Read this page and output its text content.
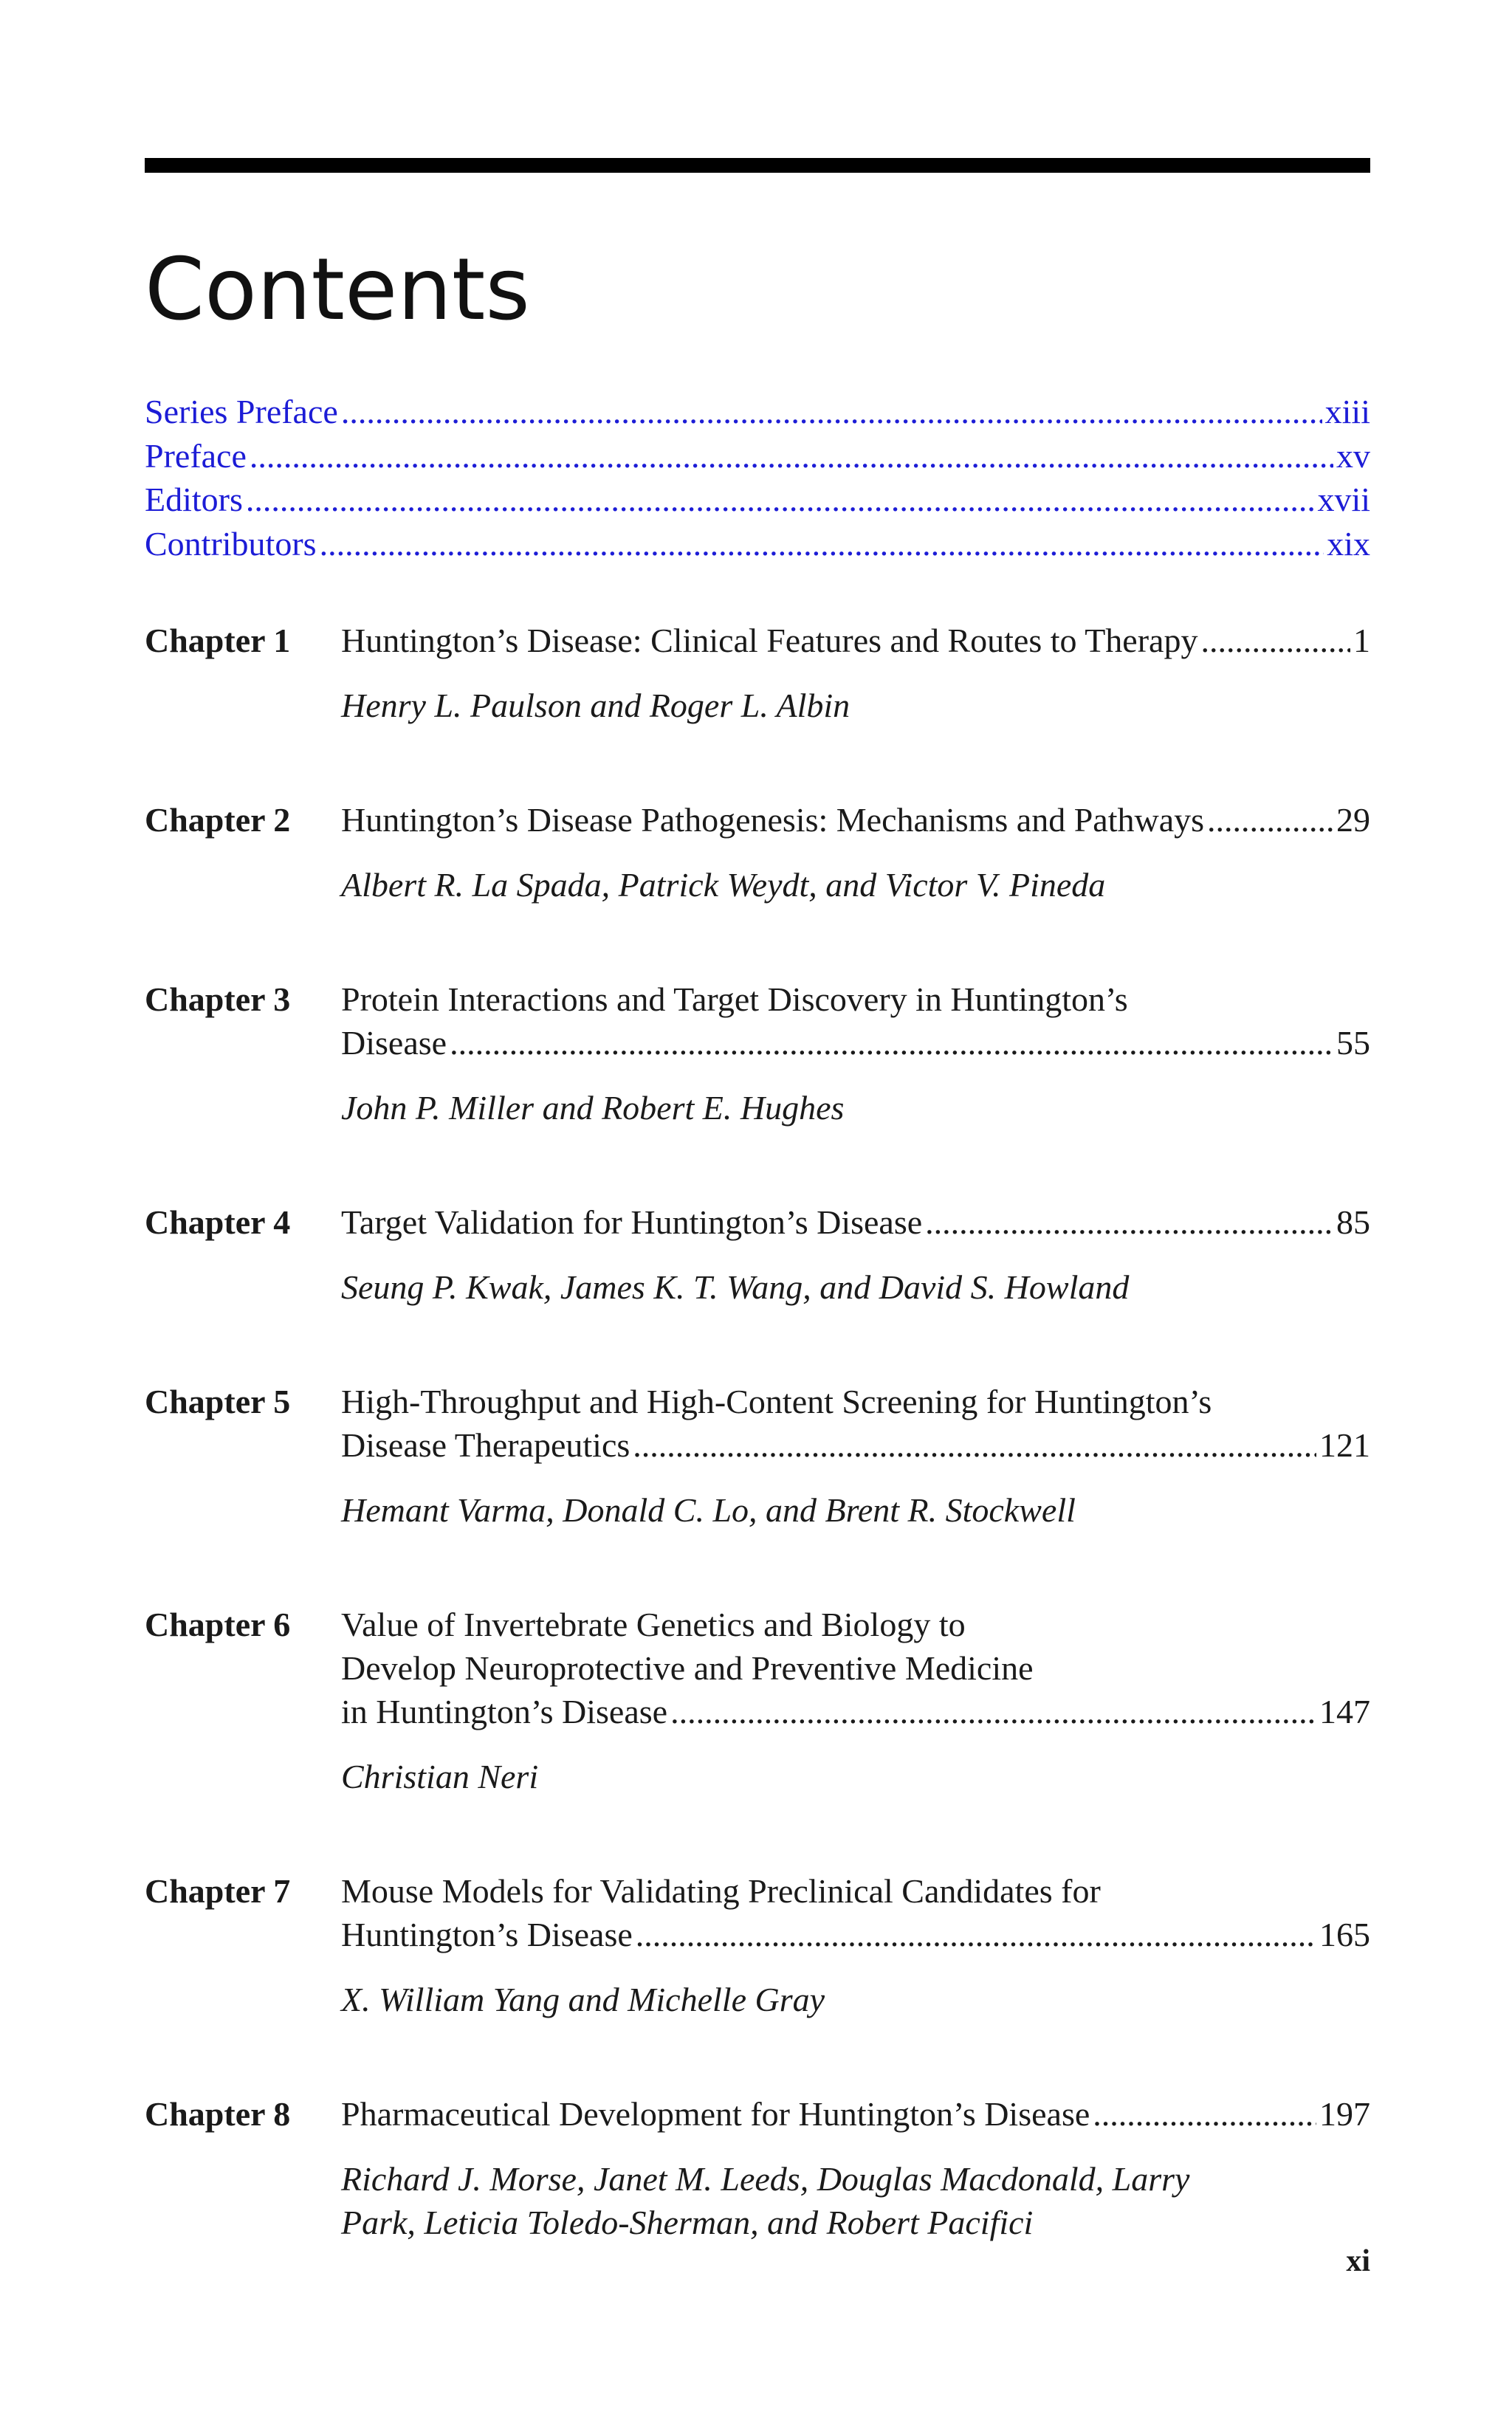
Contents
Series Preface .....	xiii
Preface .....	xv
Editors .....	xvii
Contributors .....	xix
Chapter 1	Huntington’s Disease: Clinical Features and Routes to Therapy .....	1
Henry L. Paulson and Roger L. Albin
Chapter 2	Huntington’s Disease Pathogenesis: Mechanisms and Pathways .....	29
Albert R. La Spada, Patrick Weydt, and Victor V. Pineda
Chapter 3	Protein Interactions and Target Discovery in Huntington’s
Disease .....	55
John P. Miller and Robert E. Hughes
Chapter 4	Target Validation for Huntington’s Disease .....	85
Seung P. Kwak, James K. T. Wang, and David S. Howland
Chapter 5	High-Throughput and High-Content Screening for Huntington’s
Disease Therapeutics .....	121
Hemant Varma, Donald C. Lo, and Brent R. Stockwell
Chapter 6	Value of Invertebrate Genetics and Biology to
Develop Neuroprotective and Preventive Medicine
in Huntington’s Disease .....	147
Christian Neri
Chapter 7	Mouse Models for Validating Preclinical Candidates for
Huntington’s Disease .....	165
X. William Yang and Michelle Gray
Chapter 8	Pharmaceutical Development for Huntington’s Disease .....	197
Richard J. Morse, Janet M. Leeds, Douglas Macdonald, Larry
Park, Leticia Toledo-Sherman, and Robert Pacifici
xi
